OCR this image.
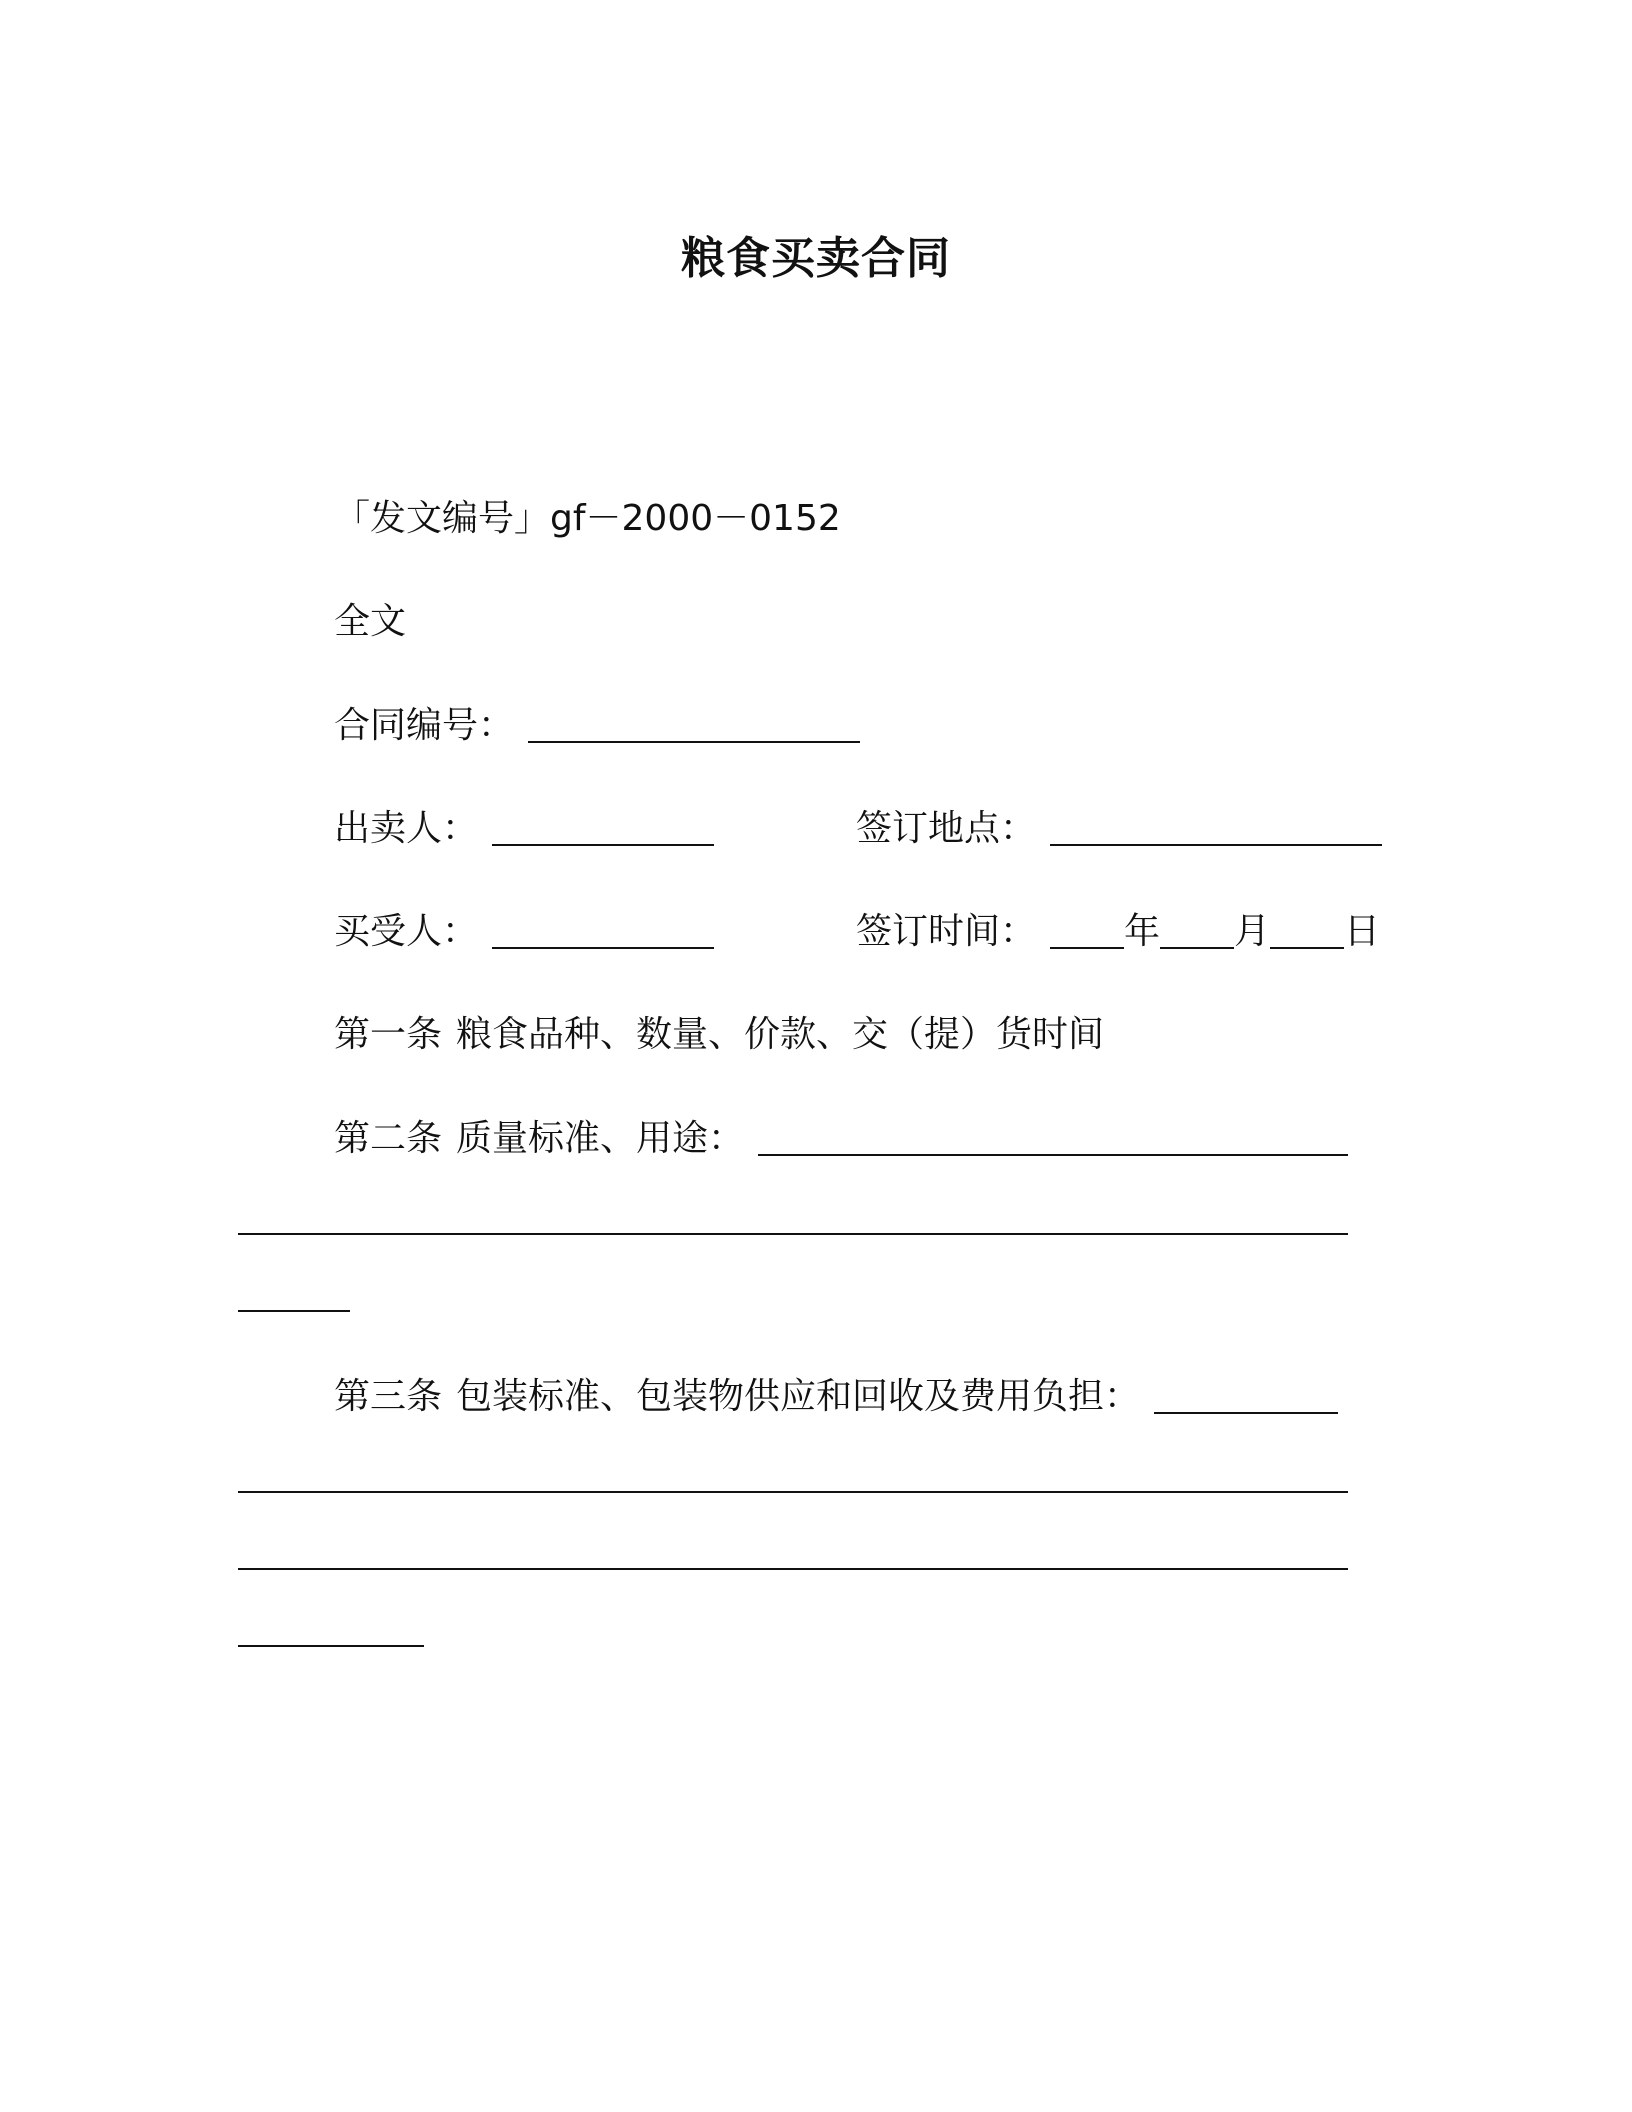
粮食买卖合同
「发文编号」gf－2000－0152
全文
合同编号：
出卖人：	签订地点：
买受人：	签订时间： 年 月 日
第一条 粮食品种、数量、价款、交（提）货时间
第二条 质量标准、用途：
第三条 包装标准、包装物供应和回收及费用负担：
